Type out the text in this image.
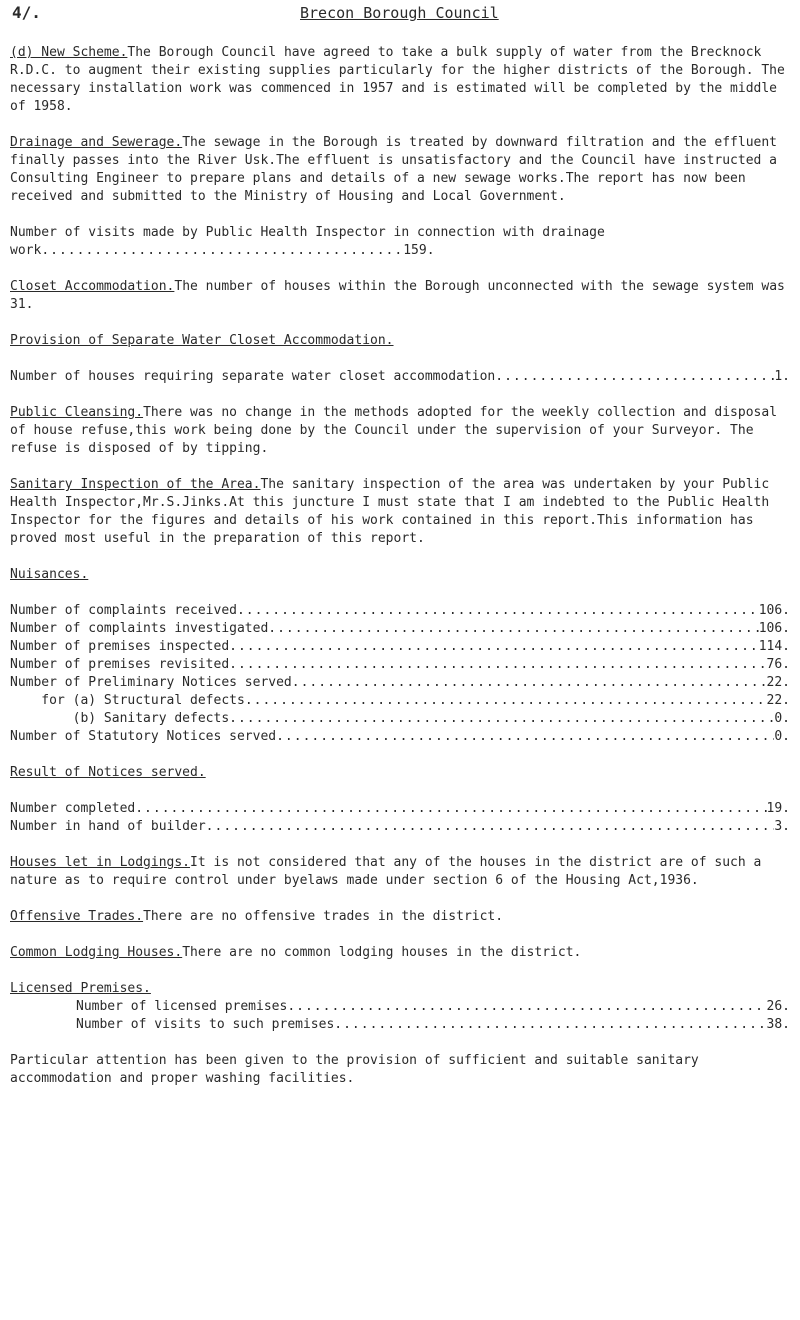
4/.	Brecon Borough Council

(d) New Scheme.The Borough Council have agreed to take a bulk supply of water from the Brecknock R.D.C. to augment their existing supplies particularly for the higher districts of the Borough. The necessary installation work was commenced in 1957 and is estimated will be completed by the middle of 1958.

Drainage and Sewerage.The sewage in the Borough is treated by downward filtration and the effluent finally passes into the River Usk.The effluent is unsatisfactory and the Council have instructed a Consulting Engineer to prepare plans and details of a new sewage works.The report has now been received and submitted to the Ministry of Housing and Local Government.

Number of visits made by Public Health Inspector in connection with drainage work.........................................159.

Closet Accommodation.The number of houses within the Borough unconnected with the sewage system was 31.

Provision of Separate Water Closet Accommodation.
Number of houses requiring separate water closet accommodation .....	1.

Public Cleansing.There was no change in the methods adopted for the weekly collection and disposal of house refuse,this work being done by the Council under the supervision of your Surveyor. The refuse is disposed of by tipping.

Sanitary Inspection of the Area.The sanitary inspection of the area was undertaken by your Public Health Inspector,Mr.S.Jinks.At this juncture I must state that I am indebted to the Public Health Inspector for the figures and details of his work contained in this report.This information has proved most useful in the preparation of this report.

Nuisances.
Number of complaints received .....	106.
Number of complaints investigated .....	106.
Number of premises inspected .....	114.
Number of premises revisited .....	76.
Number of Preliminary Notices served .....	22.
for (a) Structural defects .....	22.
(b) Sanitary defects .....	0.
Number of Statutory Notices served .....	0.
Result of Notices served.
Number completed .....	19.
Number in hand of builder .....	3.

Houses let in Lodgings.It is not considered that any of the houses in the district are of such a nature as to require control under byelaws made under section 6 of the Housing Act,1936.

Offensive Trades.There are no offensive trades in the district.

Common Lodging Houses.There are no common lodging houses in the district.

Licensed Premises.
Number of licensed premises .....	26.
Number of visits to such premises .....	38.

Particular attention has been given to the provision of sufficient and suitable sanitary accommodation and proper washing facilities.
